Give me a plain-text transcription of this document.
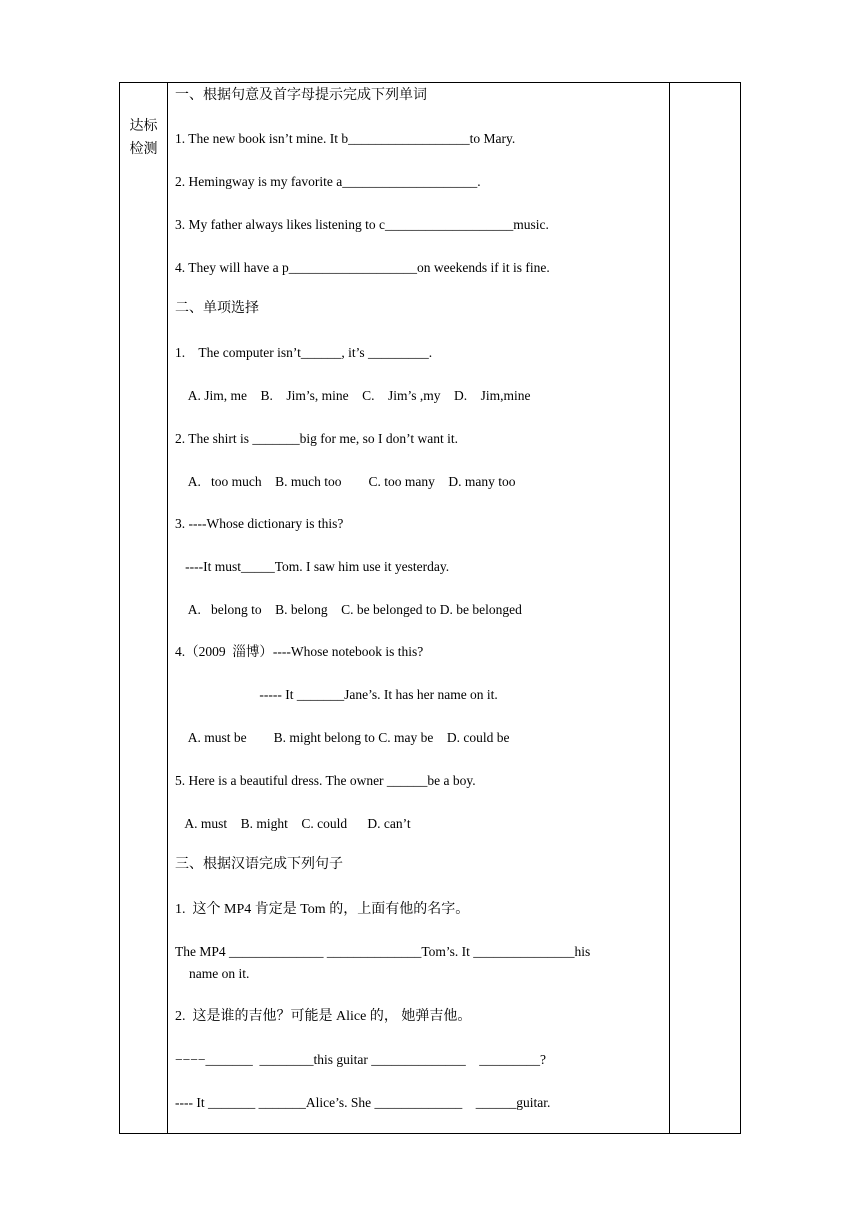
达标
检测
一、根据句意及首字母提示完成下列单词
1. The new book isn’t mine. It b__________________to Mary.
2. Hemingway is my favorite a____________________.
3. My father always likes listening to c___________________music.
4. They will have a p___________________on weekends if it is fine.
二、单项选择
1.    The computer isn’t______, it’s _________.
A. Jim, me    B.    Jim’s, mine    C.    Jim’s ,my    D.    Jim,mine
2. The shirt is _______big for me, so I don’t want it.
A.   too much    B. much too        C. too many    D. many too
3. ----Whose dictionary is this?
----It must_____Tom. I saw him use it yesterday.
A.   belong to    B. belong    C. be belonged to D. be belonged
4.（2009  淄博）----Whose notebook is this?
----- It _______Jane’s. It has her name on it.
A. must be        B. might belong to C. may be    D. could be
5. Here is a beautiful dress. The owner ______be a boy.
A. must    B. might    C. could      D. can’t
三、根据汉语完成下列句子
1.  这个 MP4 肯定是 Tom 的，上面有他的名字。
The MP4 ______________ ______________Tom’s. It _______________his
name on it.
2.  这是谁的吉他？可能是 Alice 的， 她弹吉他。
−−−−_______  ________this guitar ______________    _________?
---- It _______ _______Alice’s. She _____________    ______guitar.
